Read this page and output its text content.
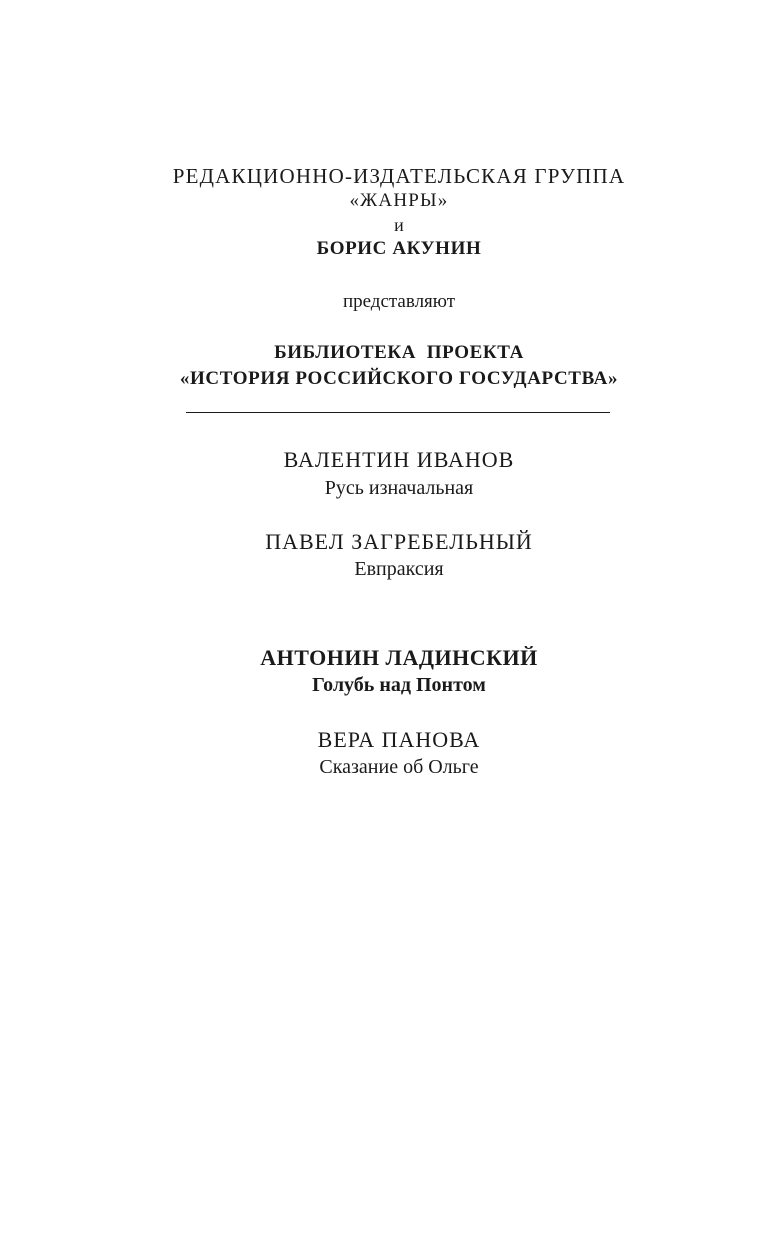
РЕДАКЦИОННО-ИЗДАТЕЛЬСКАЯ ГРУППА
«ЖАНРЫ»
и
БОРИС АКУНИН
представляют
БИБЛИОТЕКА  ПРОЕКТА
«ИСТОРИЯ РОССИЙСКОГО ГОСУДАРСТВА»
ВАЛЕНТИН ИВАНОВ
Русь изначальная
ПАВЕЛ ЗАГРЕБЕЛЬНЫЙ
Евпраксия
АНТОНИН ЛАДИНСКИЙ
Голубь над Понтом
ВЕРА ПАНОВА
Сказание об Ольге
